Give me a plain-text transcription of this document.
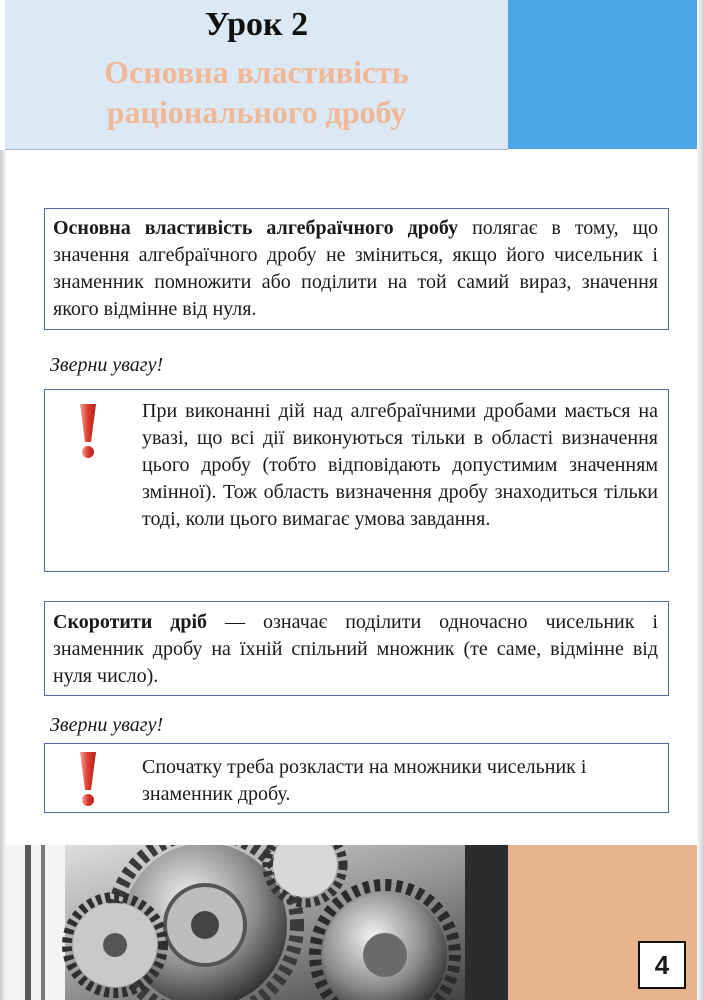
Урок 2
Основна властивість
раціонального дробу
Основна властивість алгебраїчного дробу полягає в тому, що значення алгебраїчного дробу не зміниться, якщо його чисельник і знаменник помножити або поділити на той самий вираз, значення якого відмінне від нуля.
Зверни увагу!
При виконанні дій над алгебраїчними дробами мається на увазі, що всі дії виконуються тільки в області визначення цього дробу (тобто відповідають допустимим значенням змінної). Тож область визначення дробу знаходиться тільки тоді, коли цього вимагає умова завдання.
Скоротити дріб — означає поділити одночасно чисельник і знаменник дробу на їхній спільний множник (те саме, відмінне від нуля число).
Зверни увагу!
Спочатку треба розкласти на множники чисельник і знаменник дробу.
4
